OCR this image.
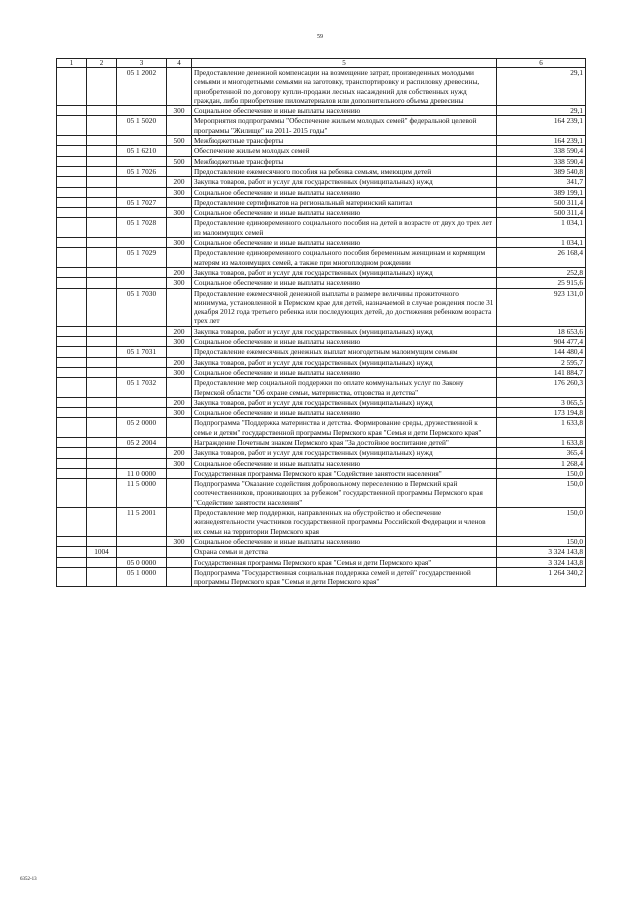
59
1	2	3	4	5	6
		05 1 2002		Предоставление денежной компенсации на возмещение затрат, произведенных молодыми семьями и многодетными семьями на заготовку, транспортировку и распиловку древесины, приобретенной по договору купли-продажи лесных насаждений для собственных нужд граждан, либо приобретение пиломатериалов или дополнительного объема древесины	29,1
			300	Социальное обеспечение и иные выплаты населению	29,1
		05 1 5020		Мероприятия подпрограммы "Обеспечение жильем молодых семей" федеральной целевой программы "Жилище" на 2011- 2015 годы"	164 239,1
			500	Межбюджетные трансферты	164 239,1
		05 1 6210		Обеспечение жильем молодых семей	338 590,4
			500	Межбюджетные трансферты	338 590,4
		05 1 7026		Предоставление ежемесячного пособия на ребенка семьям, имеющим детей	389 540,8
			200	Закупка товаров, работ и услуг для государственных (муниципальных) нужд	341,7
			300	Социальное обеспечение и иные выплаты населению	389 199,1
		05 1 7027		Предоставление сертификатов на региональный материнский капитал	500 311,4
			300	Социальное обеспечение и иные выплаты населению	500 311,4
		05 1 7028		Предоставление единовременного социального пособия на детей в возрасте от двух до трех лет из малоимущих семей	1 034,1
			300	Социальное обеспечение и иные выплаты населению	1 034,1
		05 1 7029		Предоставление единовременного социального пособия беременным женщинам и кормящим матерям из малоимущих семей, а также при многоплодном рождении	26 168,4
			200	Закупка товаров, работ и услуг для государственных (муниципальных) нужд	252,8
			300	Социальное обеспечение и иные выплаты населению	25 915,6
		05 1 7030		Предоставление ежемесячной денежной выплаты в размере величины прожиточного минимума, установленной в Пермском крае для детей, назначаемой в случае рождения после 31 декабря 2012 года третьего ребенка или последующих детей, до достижения ребенком возраста трех лет	923 131,0
			200	Закупка товаров, работ и услуг для государственных (муниципальных) нужд	18 653,6
			300	Социальное обеспечение и иные выплаты населению	904 477,4
		05 1 7031		Предоставление ежемесячных денежных выплат многодетным малоимущим семьям	144 480,4
			200	Закупка товаров, работ и услуг для государственных (муниципальных) нужд	2 595,7
			300	Социальное обеспечение и иные выплаты населению	141 884,7
		05 1 7032		Предоставление мер социальной поддержки по оплате коммунальных услуг по Закону Пермской области "Об охране семьи, материнства, отцовства и детства"	176 260,3
			200	Закупка товаров, работ и услуг для государственных (муниципальных) нужд	3 065,5
			300	Социальное обеспечение и иные выплаты населению	173 194,8
		05 2 0000		Подпрограмма "Поддержка материнства и детства. Формирование среды, дружественной к семье и детям" государственной программы Пермского края "Семья и дети Пермского края"	1 633,8
		05 2 2004		Награждение Почетным знаком Пермского края "За достойное воспитание детей"	1 633,8
			200	Закупка товаров, работ и услуг для государственных (муниципальных) нужд	365,4
			300	Социальное обеспечение и иные выплаты населению	1 268,4
		11 0 0000		Государственная программа Пермского края "Содействие занятости населения"	150,0
		11 5 0000		Подпрограмма "Оказание содействия добровольному переселению в Пермский край соотечественников, проживающих за рубежом" государственной программы Пермского края "Содействие занятости населения"	150,0
		11 5 2001		Предоставление мер поддержки, направленных на обустройство и обеспечение жизнедеятельности участников государственной программы Российской Федерации и членов их семьи на территории Пермского края	150,0
			300	Социальное обеспечение и иные выплаты населению	150,0
	1004			Охрана семьи и детства	3 324 143,8
		05 0 0000		Государственная программа Пермского края "Семья и дети Пермского края"	3 324 143,8
		05 1 0000		Подпрограмма "Государственная социальная поддержка семей и детей" государственной программы Пермского края "Семья и дети Пермского края"	1 264 340,2
6352-13
